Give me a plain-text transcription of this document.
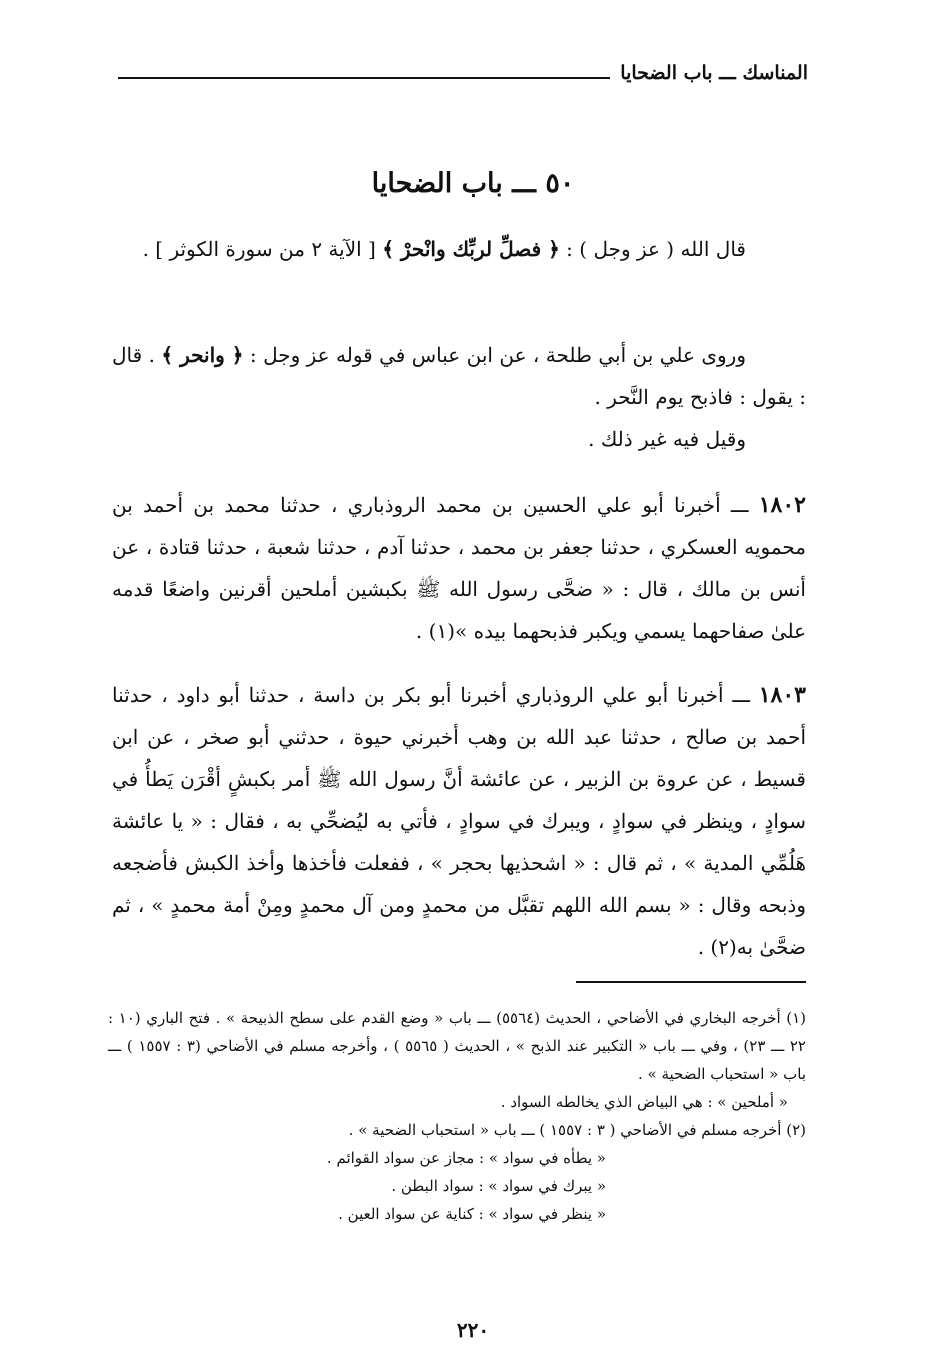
المناسك ـــ باب الضحايا
٥٠ ـــ باب الضحايا

قال الله ( عز وجل ) : ﴿ فصلِّ لربِّك وانْحرْ ﴾ [ الآية ٢ من سورة الكوثر ] .

وروى علي بن أبي طلحة ، عن ابن عباس في قوله عز وجل : ﴿ وانحر ﴾ . قال : يقول : فاذبح يوم النَّحر .

وقيل فيه غير ذلك .

١٨٠٢ ـــ أخبرنا أبو علي الحسين بن محمد الروذباري ، حدثنا محمد بن أحمد بن محمويه العسكري ، حدثنا جعفر بن محمد ، حدثنا آدم ، حدثنا شعبة ، حدثنا قتادة ، عن أنس بن مالك ، قال : « ضحَّى رسول الله ﷺ بكبشين أملحين أقرنين واضعًا قدمه علىٰ صفاحهما يسمي ويكبر فذبحهما بيده »(١) .

١٨٠٣ ـــ أخبرنا أبو علي الروذباري أخبرنا أبو بكر بن داسة ، حدثنا أبو داود ، حدثنا أحمد بن صالح ، حدثنا عبد الله بن وهب أخبرني حيوة ، حدثني أبو صخر ، عن ابن قسيط ، عن عروة بن الزبير ، عن عائشة أنَّ رسول الله ﷺ أمر بكبشٍ أقْرَن يَطأُ في سوادٍ ، وينظر في سوادٍ ، ويبرك في سوادٍ ، فأتي به ليُضحِّي به ، فقال : « يا عائشة هَلُمِّي المدية » ، ثم قال : « اشحذيها بحجر » ، ففعلت فأخذها وأخذ الكبش فأضجعه وذبحه وقال : « بسم الله اللهم تقبَّل من محمدٍ ومن آل محمدٍ ومِنْ أمة محمدٍ » ، ثم ضحَّىٰ به(٢) .

(١) أخرجه البخاري في الأضاحي ، الحديث (٥٥٦٤) ـــ باب « وضع القدم على سطح الذبيحة » . فتح الباري (١٠ : ٢٢ ـــ ٢٣) ، وفي ـــ باب « التكبير عند الذبح » ، الحديث ( ٥٥٦٥ ) ، وأخرجه مسلم في الأضاحي (٣ : ١٥٥٧ ) ـــ باب « استحباب الضحية » .

« أملحين » : هي البياض الذي يخالطه السواد .

(٢) أخرجه مسلم في الأضاحي ( ٣ : ١٥٥٧ ) ـــ باب « استحباب الضحية » .

« يطأه في سواد » : مجاز عن سواد القوائم .

« يبرك في سواد » : سواد البطن .

« ينظر في سواد » : كناية عن سواد العين .

٢٢٠
